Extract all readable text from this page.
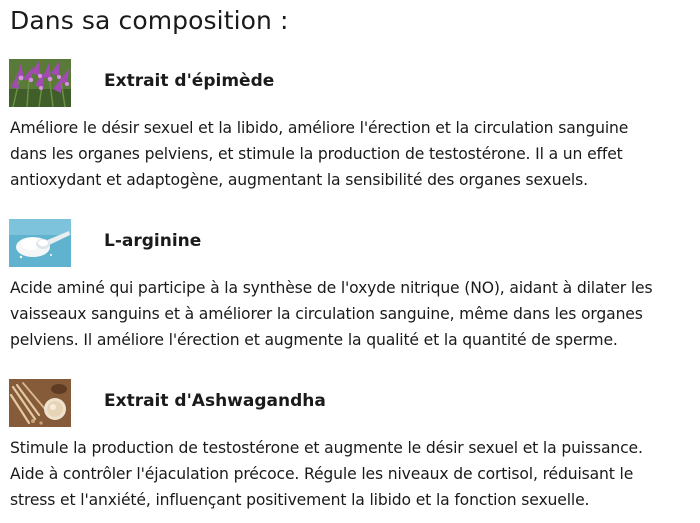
Dans sa composition :
Extrait d'épimède

Améliore le désir sexuel et la libido, améliore l'érection et la circulation sanguine
dans les organes pelviens, et stimule la production de testostérone. Il a un effet
antioxydant et adaptogène, augmentant la sensibilité des organes sexuels.

L-arginine

Acide aminé qui participe à la synthèse de l'oxyde nitrique (NO), aidant à dilater les
vaisseaux sanguins et à améliorer la circulation sanguine, même dans les organes
pelviens. Il améliore l'érection et augmente la qualité et la quantité de sperme.

Extrait d'Ashwagandha

Stimule la production de testostérone et augmente le désir sexuel et la puissance.
Aide à contrôler l'éjaculation précoce. Régule les niveaux de cortisol, réduisant le
stress et l'anxiété, influençant positivement la libido et la fonction sexuelle.
